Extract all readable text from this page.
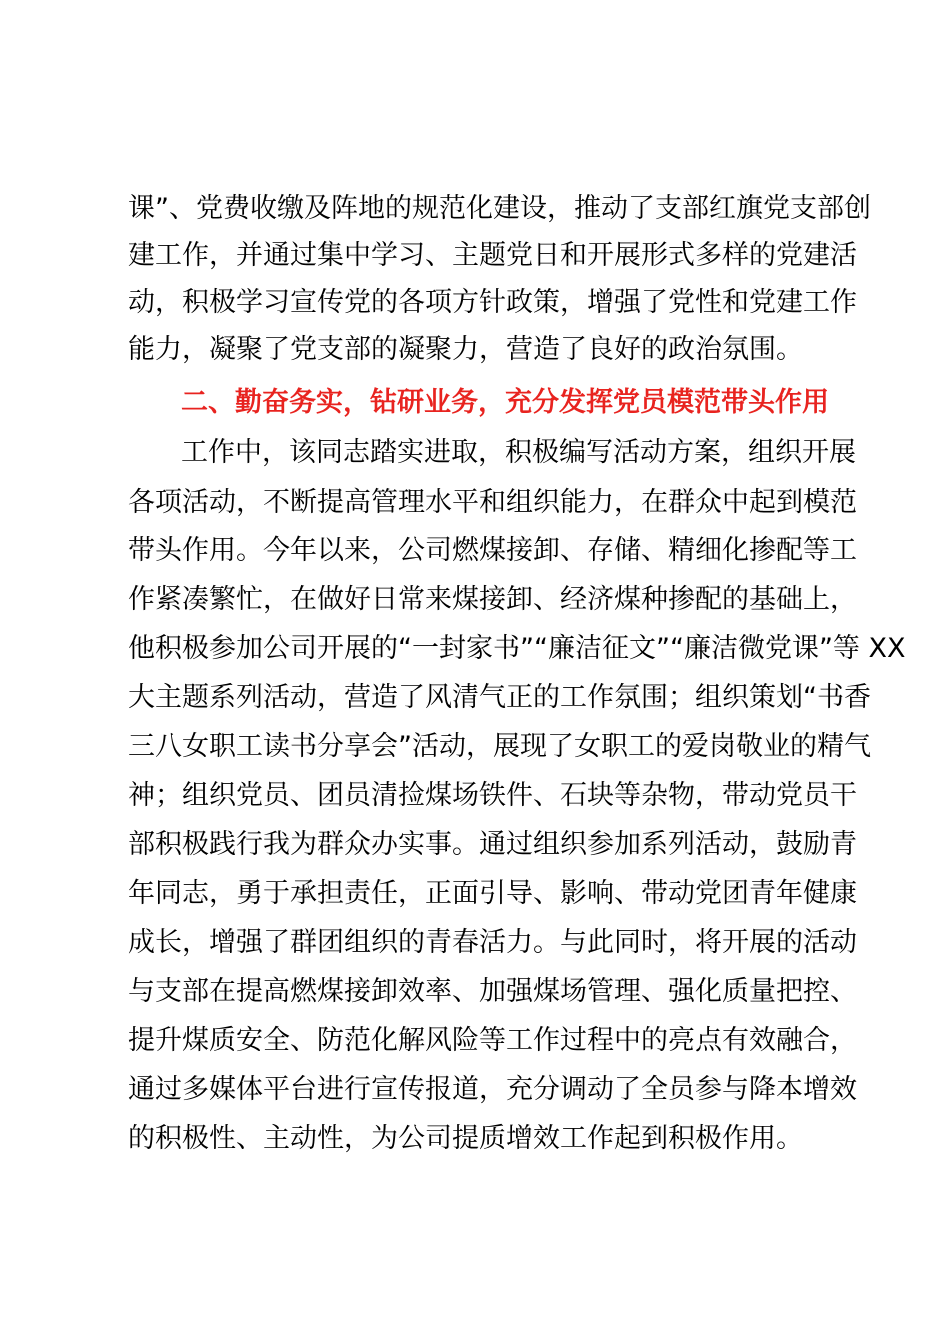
课”、党费收缴及阵地的规范化建设，推动了支部红旗党支部创
建工作，并通过集中学习、主题党日和开展形式多样的党建活
动，积极学习宣传党的各项方针政策，增强了党性和党建工作
能力，凝聚了党支部的凝聚力，营造了良好的政治氛围。
二、勤奋务实，钻研业务，充分发挥党员模范带头作用
工作中，该同志踏实进取，积极编写活动方案，组织开展
各项活动，不断提高管理水平和组织能力，在群众中起到模范
带头作用。今年以来，公司燃煤接卸、存储、精细化掺配等工
作紧凑繁忙，在做好日常来煤接卸、经济煤种掺配的基础上，
他积极参加公司开展的“一封家书”“廉洁征文”“廉洁微党课”等 XX
大主题系列活动，营造了风清气正的工作氛围；组织策划“书香
三八女职工读书分享会”活动，展现了女职工的爱岗敬业的精气
神；组织党员、团员清捡煤场铁件、石块等杂物，带动党员干
部积极践行我为群众办实事。通过组织参加系列活动，鼓励青
年同志，勇于承担责任，正面引导、影响、带动党团青年健康
成长，增强了群团组织的青春活力。与此同时，将开展的活动
与支部在提高燃煤接卸效率、加强煤场管理、强化质量把控、
提升煤质安全、防范化解风险等工作过程中的亮点有效融合，
通过多媒体平台进行宣传报道，充分调动了全员参与降本增效
的积极性、主动性，为公司提质增效工作起到积极作用。
